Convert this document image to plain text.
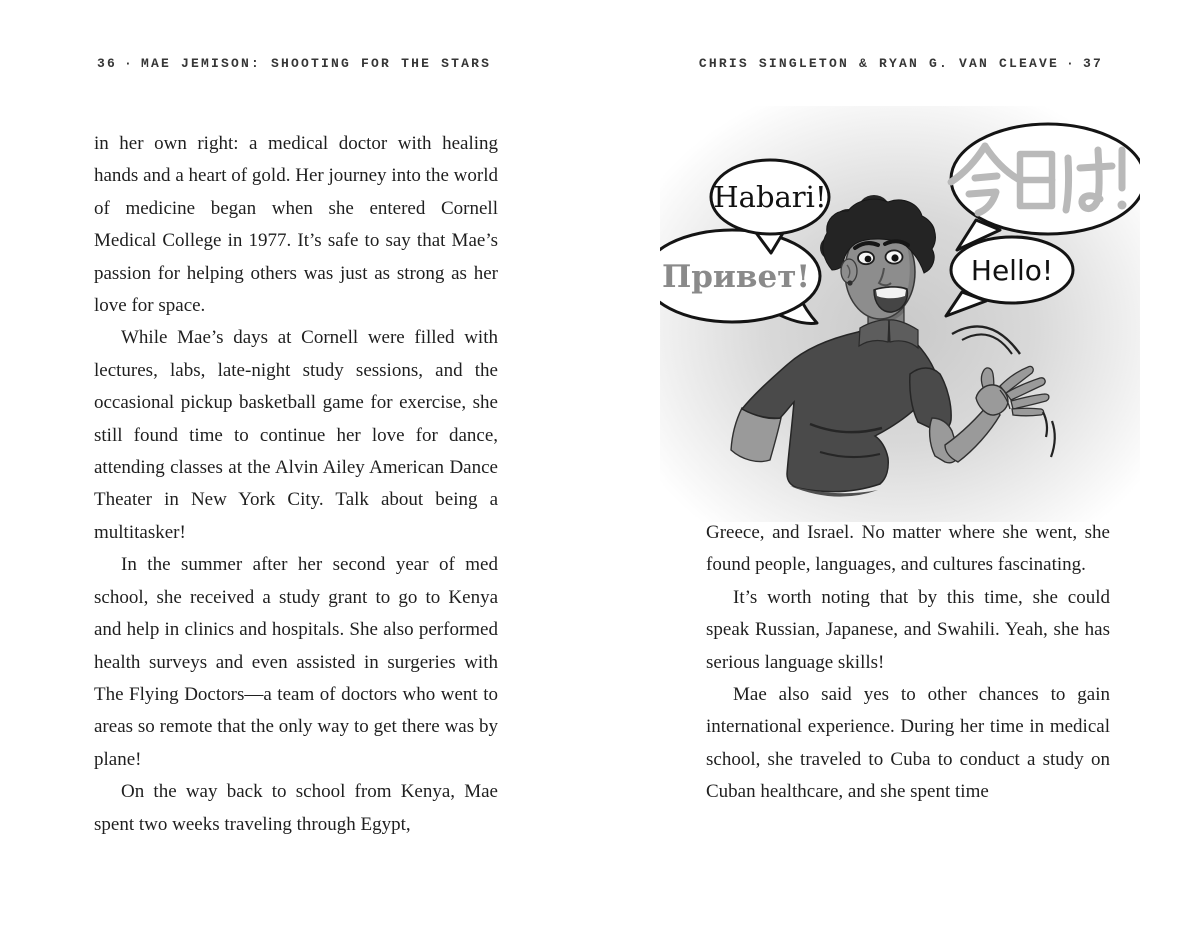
36 · MAE JEMISON: SHOOTING FOR THE STARS	CHRIS SINGLETON & RYAN G. VAN CLEAVE · 37

in her own right: a medical doctor with healing hands and a heart of gold. Her journey into the world of medicine began when she entered Cornell Medical College in 1977. It’s safe to say that Mae’s passion for helping others was just as strong as her love for space.

While Mae’s days at Cornell were filled with lectures, labs, late-night study sessions, and the occasional pickup basketball game for exercise, she still found time to continue her love for dance, attending classes at the Alvin Ailey American Dance Theater in New York City. Talk about being a multitasker!

In the summer after her second year of med school, she received a study grant to go to Kenya and help in clinics and hospitals. She also performed health surveys and even assisted in surgeries with The Flying Doctors—a team of doctors who went to areas so remote that the only way to get there was by plane!

On the way back to school from Kenya, Mae spent two weeks traveling through Egypt,

Habari!
Привет!	Hello!

Greece, and Israel. No matter where she went, she found people, languages, and cultures fascinating.

It’s worth noting that by this time, she could speak Russian, Japanese, and Swahili. Yeah, she has serious language skills!

Mae also said yes to other chances to gain international experience. During her time in medical school, she traveled to Cuba to conduct a study on Cuban healthcare, and she spent time
